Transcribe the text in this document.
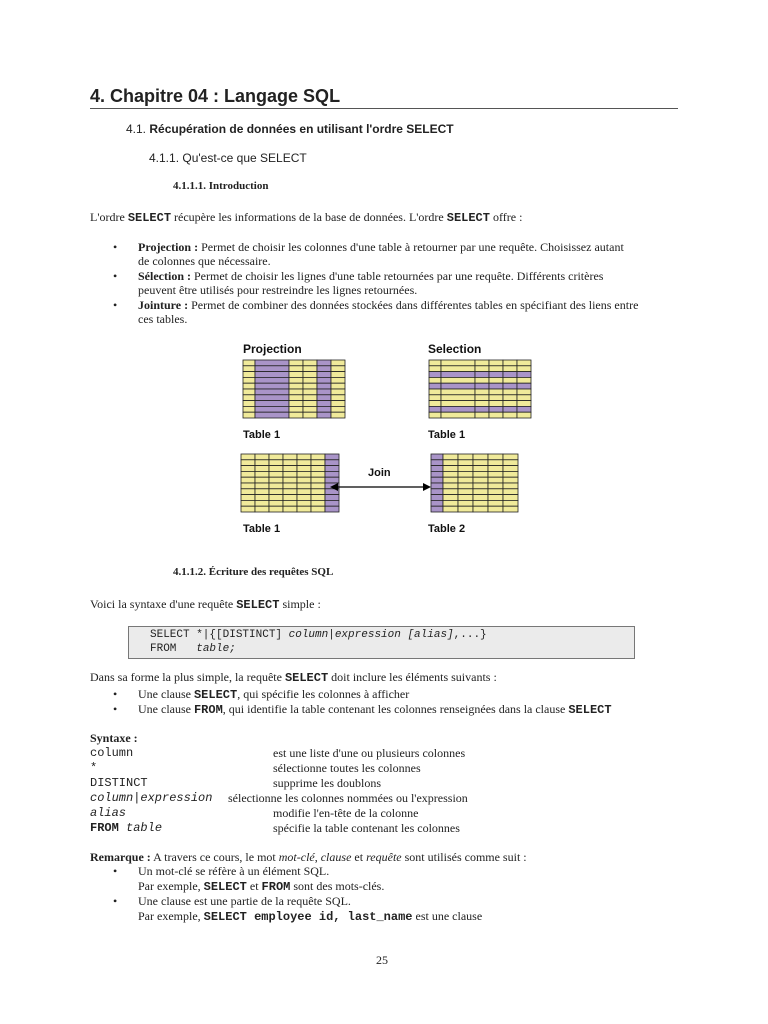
4. Chapitre 04 : Langage SQL
4.1. Récupération de données en utilisant l'ordre SELECT
4.1.1. Qu'est-ce que SELECT
4.1.1.1. Introduction
L'ordre SELECT récupère les informations de la base de données. L'ordre SELECT offre :
• Projection : Permet de choisir les colonnes d'une table à retourner par une requête. Choisissez autant
de colonnes que nécessaire.
• Sélection : Permet de choisir les lignes d'une table retournées par une requête. Différents critères
peuvent être utilisés pour restreindre les lignes retournées.
• Jointure : Permet de combiner des données stockées dans différentes tables en spécifiant des liens entre
ces tables.
Projection	Selection
Table 1	Table 1
Table 1	Table 2
Join
4.1.1.2. Écriture des requêtes SQL
Voici la syntaxe d'une requête SELECT simple :
SELECT *|{[DISTINCT] column|expression [alias],...}
FROM   table;
Dans sa forme la plus simple, la requête SELECT doit inclure les éléments suivants :
• Une clause SELECT, qui spécifie les colonnes à afficher
• Une clause FROM, qui identifie la table contenant les colonnes renseignées dans la clause SELECT
Syntaxe :
column	est une liste d'une ou plusieurs colonnes
*	sélectionne toutes les colonnes
DISTINCT	supprime les doublons
column|expression sélectionne les colonnes nommées ou l'expression
alias	modifie l'en-tête de la colonne
FROM table	spécifie la table contenant les colonnes
Remarque : A travers ce cours, le mot mot-clé, clause et requête sont utilisés comme suit :
• Un mot-clé se réfère à un élément SQL.
Par exemple, SELECT et FROM sont des mots-clés.
• Une clause est une partie de la requête SQL.
Par exemple, SELECT employee id, last_name est une clause
25
